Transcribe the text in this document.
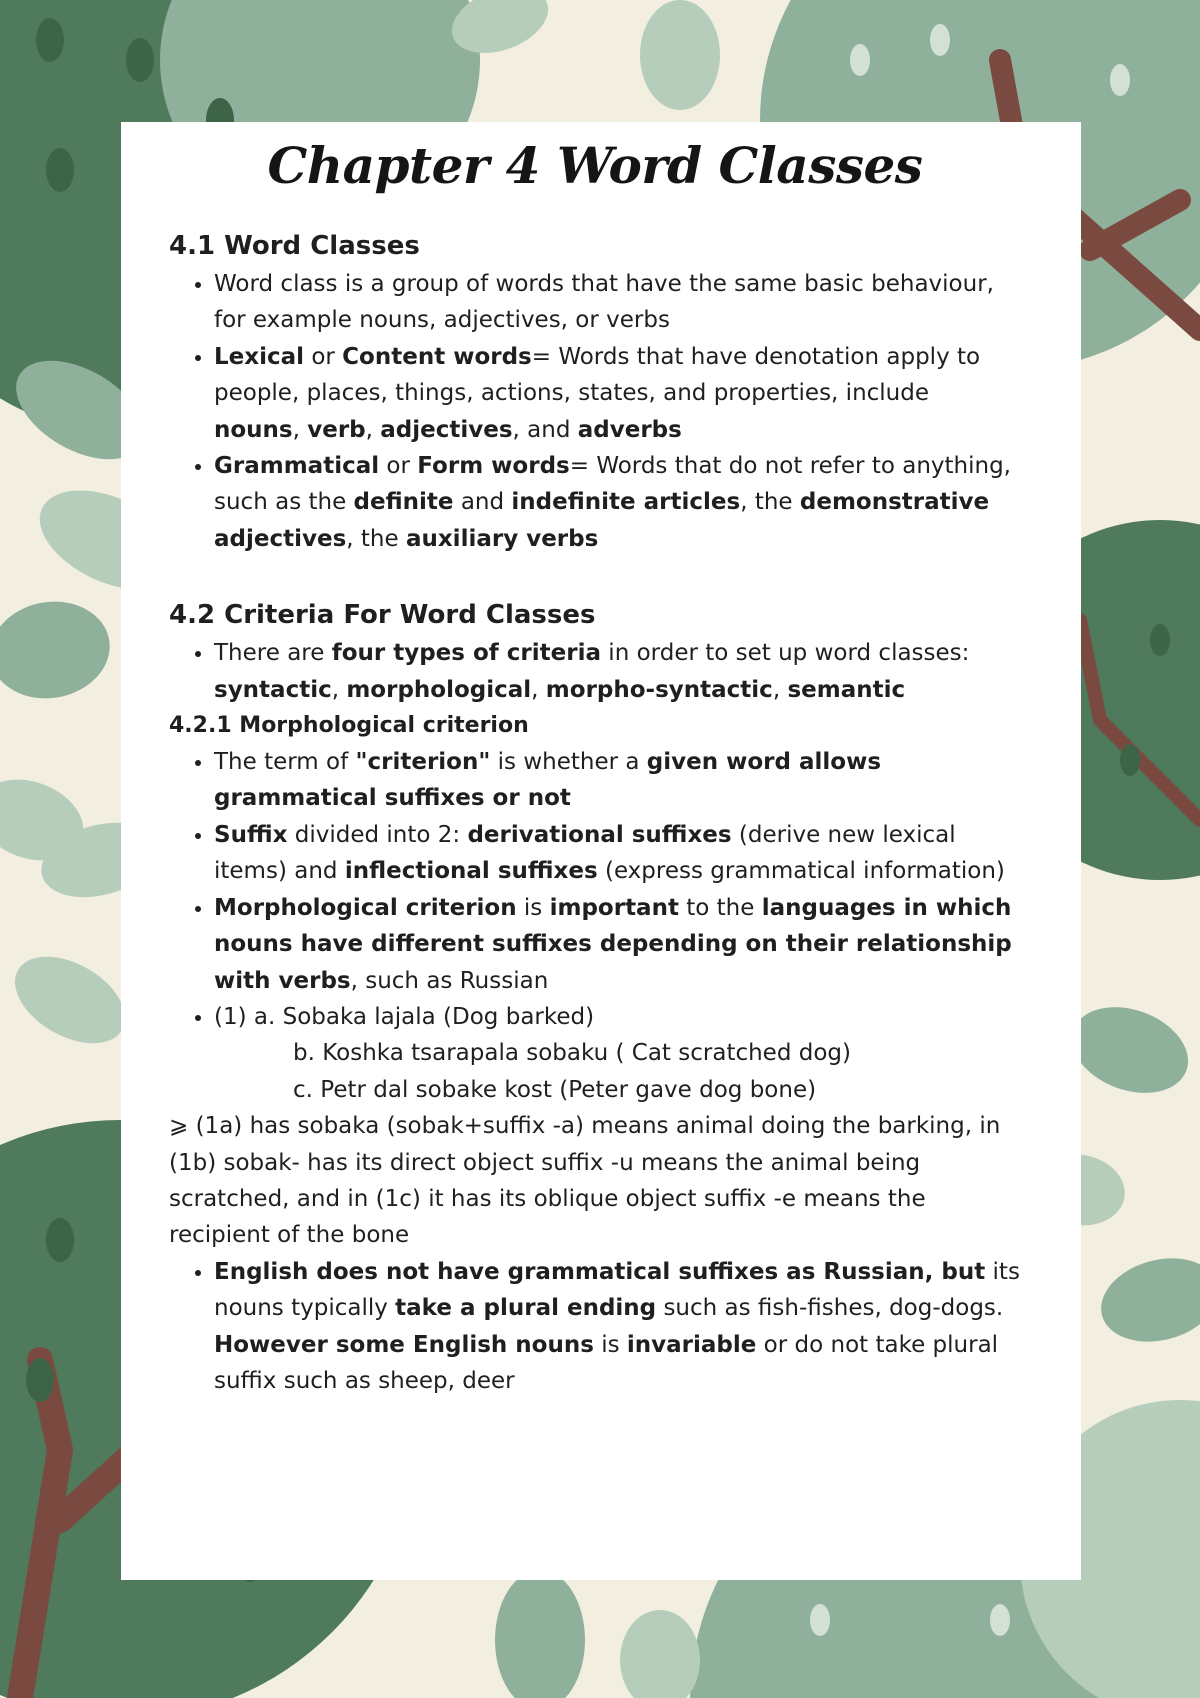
Chapter 4 Word Classes
4.1 Word Classes
• Word class is a group of words that have the same basic behaviour, for example nouns, adjectives, or verbs
• Lexical or Content words= Words that have denotation apply to people, places, things, actions, states, and properties, include nouns, verb, adjectives, and adverbs
• Grammatical or Form words= Words that do not refer to anything, such as the definite and indefinite articles, the demonstrative adjectives, the auxiliary verbs
4.2 Criteria For Word Classes
• There are four types of criteria in order to set up word classes: syntactic, morphological, morpho-syntactic, semantic
4.2.1 Morphological criterion
• The term of "criterion" is whether a given word allows grammatical suffixes or not
• Suffix divided into 2: derivational suffixes (derive new lexical items) and inflectional suffixes (express grammatical information)
• Morphological criterion is important to the languages in which nouns have different suffixes depending on their relationship with verbs, such as Russian
• (1) a. Sobaka lajala (Dog barked)
b. Koshka tsarapala sobaku ( Cat scratched dog)
c. Petr dal sobake kost (Peter gave dog bone)

⩾ (1a) has sobaka (sobak+suffix -a) means animal doing the barking, in (1b) sobak- has its direct object suffix -u means the animal being scratched, and in (1c) it has its oblique object suffix -e means the recipient of the bone

• English does not have grammatical suffixes as Russian, but its nouns typically take a plural ending such as fish-fishes, dog-dogs. However some English nouns is invariable or do not take plural suffix such as sheep, deer
